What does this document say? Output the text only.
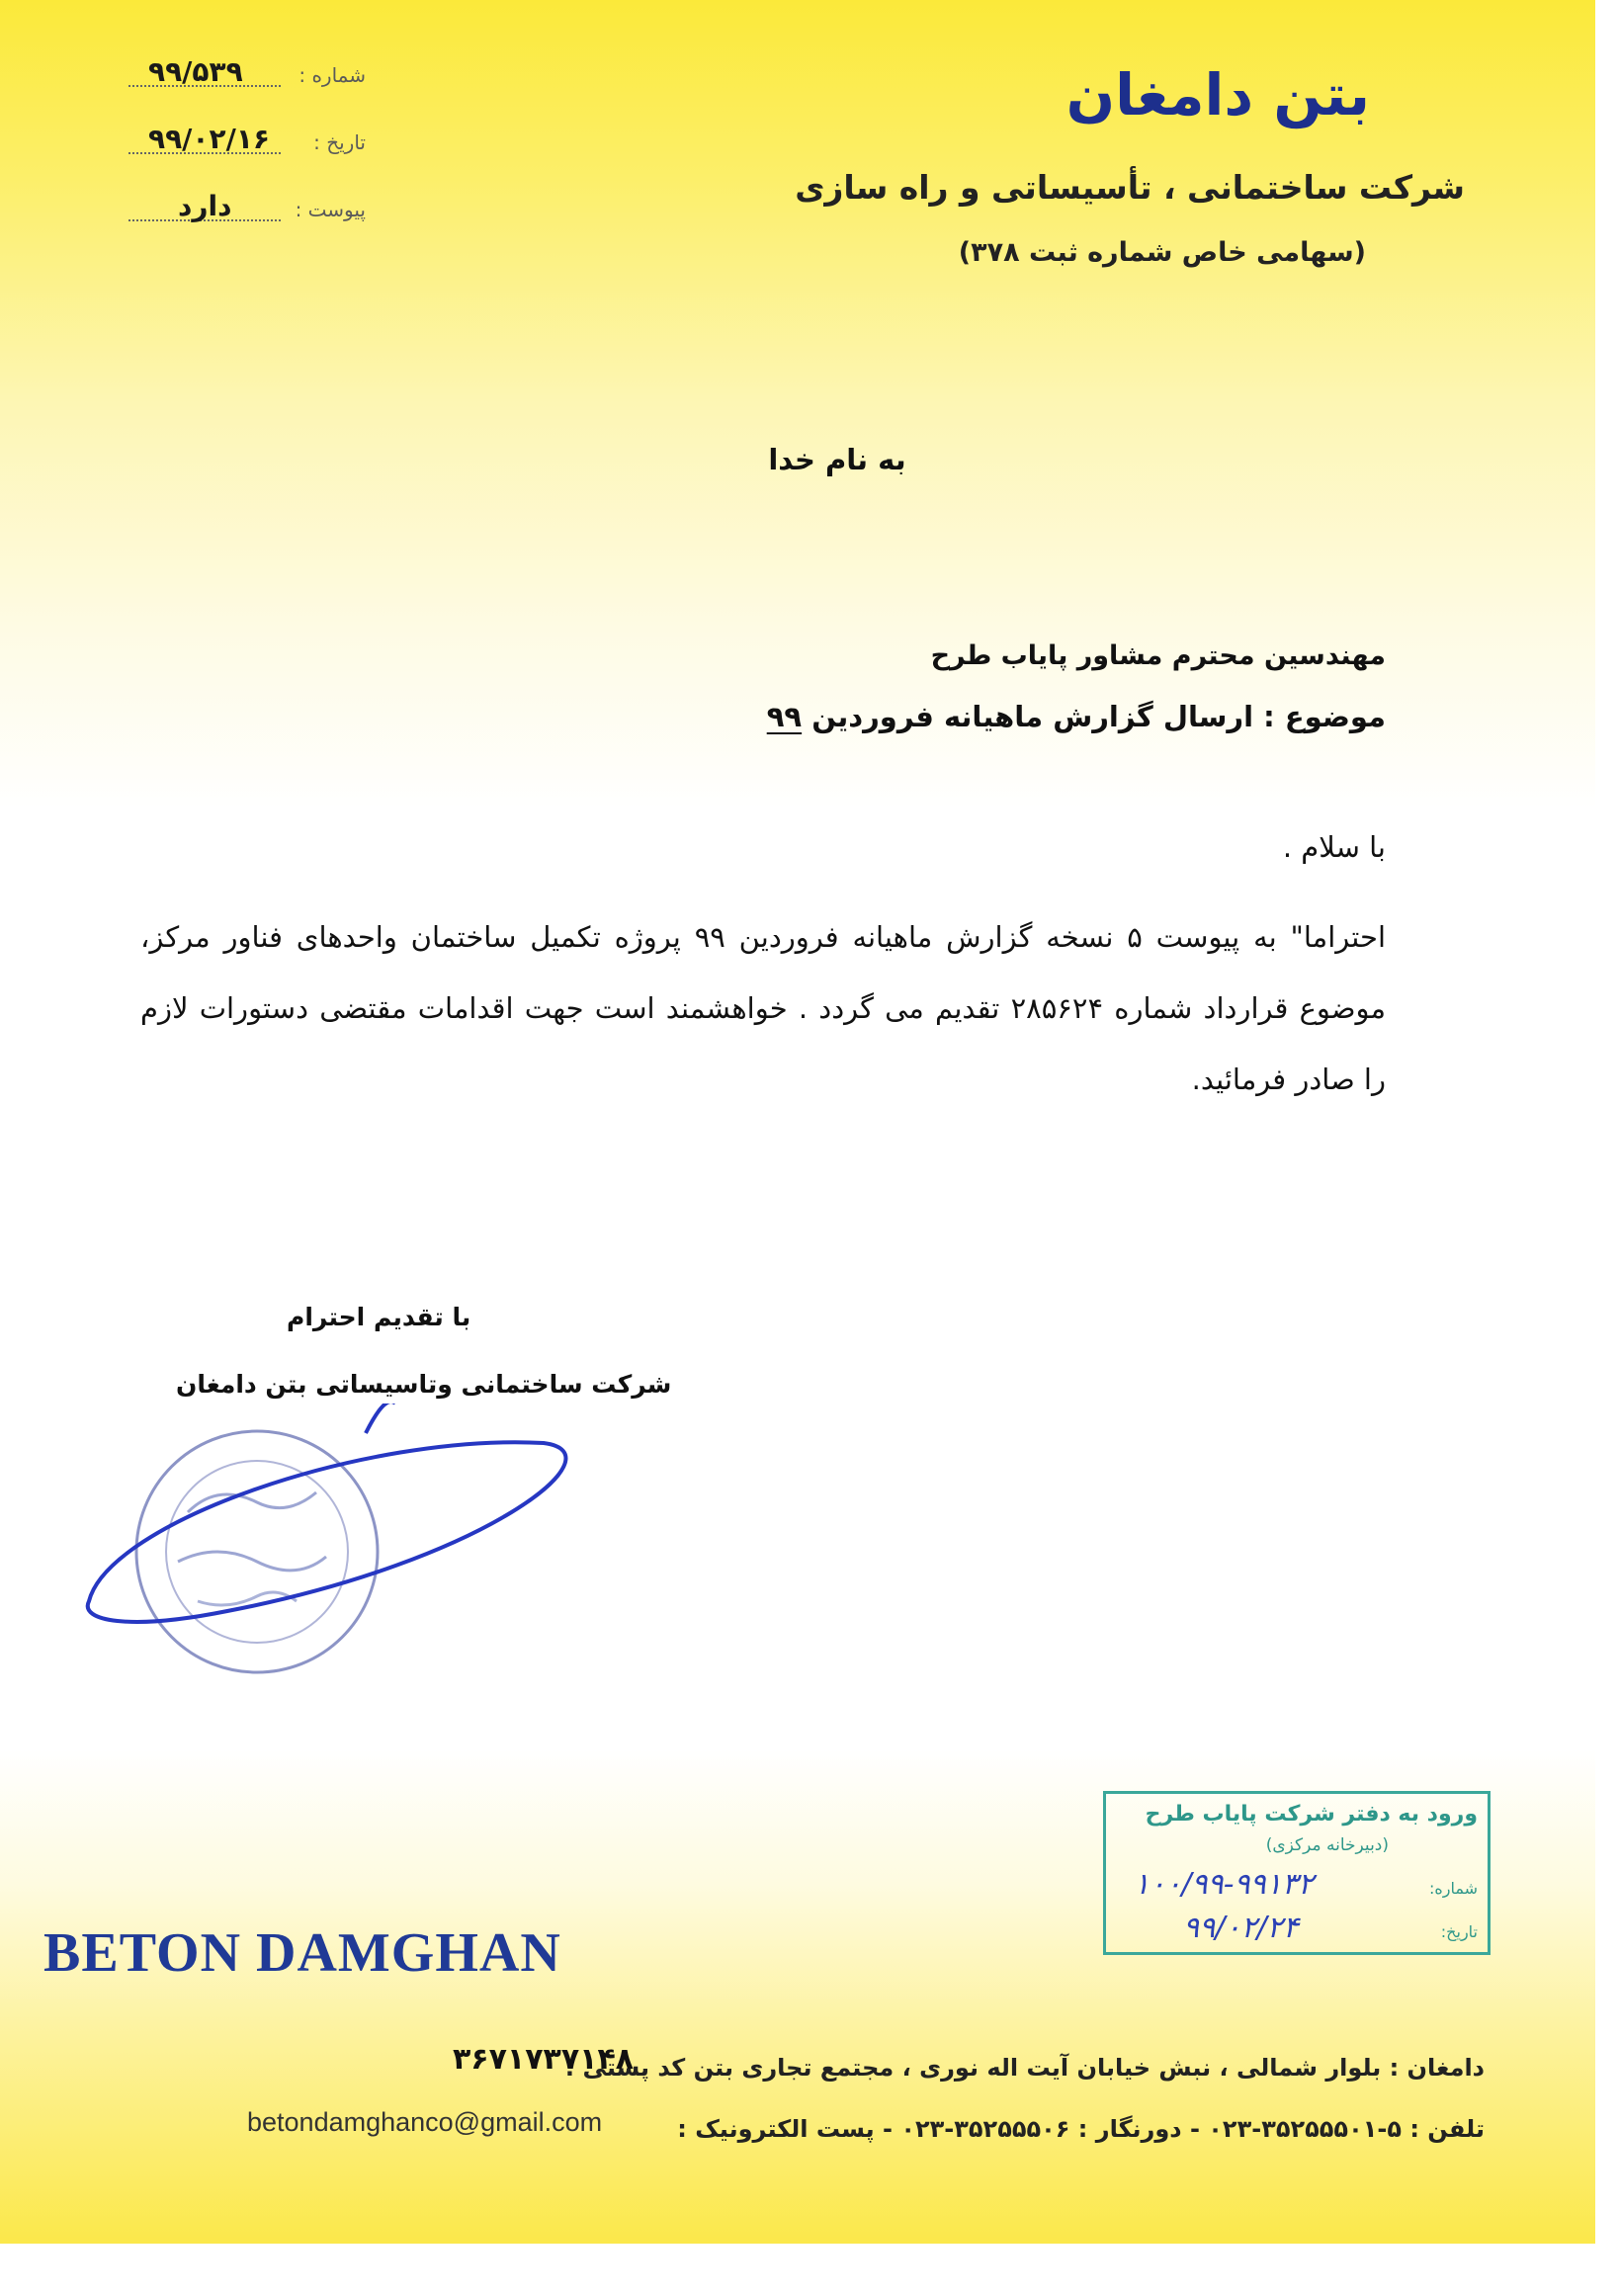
بتن دامغان
شرکت ساختمانی ، تأسیساتی و راه سازی
(سهامی خاص شماره ثبت ۳۷۸)
شماره :
۹۹/۵۳۹
تاریخ :
۹۹/۰۲/۱۶
پیوست :
دارد
به نام خدا
مهندسین محترم مشاور پایاب طرح
موضوع : ارسال گزارش ماهیانه فروردین ۹۹
با سلام .
احتراما" به پیوست ۵ نسخه گزارش ماهیانه فروردین ۹۹ پروژه تکمیل ساختمان واحدهای فناور مرکز، موضوع قرارداد شماره ۲۸۵۶۲۴ تقدیم می گردد . خواهشمند است جهت اقدامات مقتضی دستورات لازم را صادر فرمائید.
با تقدیم احترام
شرکت ساختمانی وتاسیساتی بتن دامغان
ورود به دفتر شرکت پایاب طرح
(دبیرخانه مرکزی)
شماره:
۱۰۰/۹۹-۹۹۱۳۲
تاریخ:
۹۹/۰۲/۲۴
BETON DAMGHAN
دامغان : بلوار شمالی ، نبش خیابان آیت اله نوری ، مجتمع تجاری بتن کد پستی :
۳۶۷۱۷۳۷۱۴۸
تلفن : ۵-۳۵۲۵۵۵۰۱-۰۲۳ - دورنگار : ۳۵۲۵۵۵۰۶-۰۲۳ - پست الکترونیک :
betondamghanco@gmail.com
